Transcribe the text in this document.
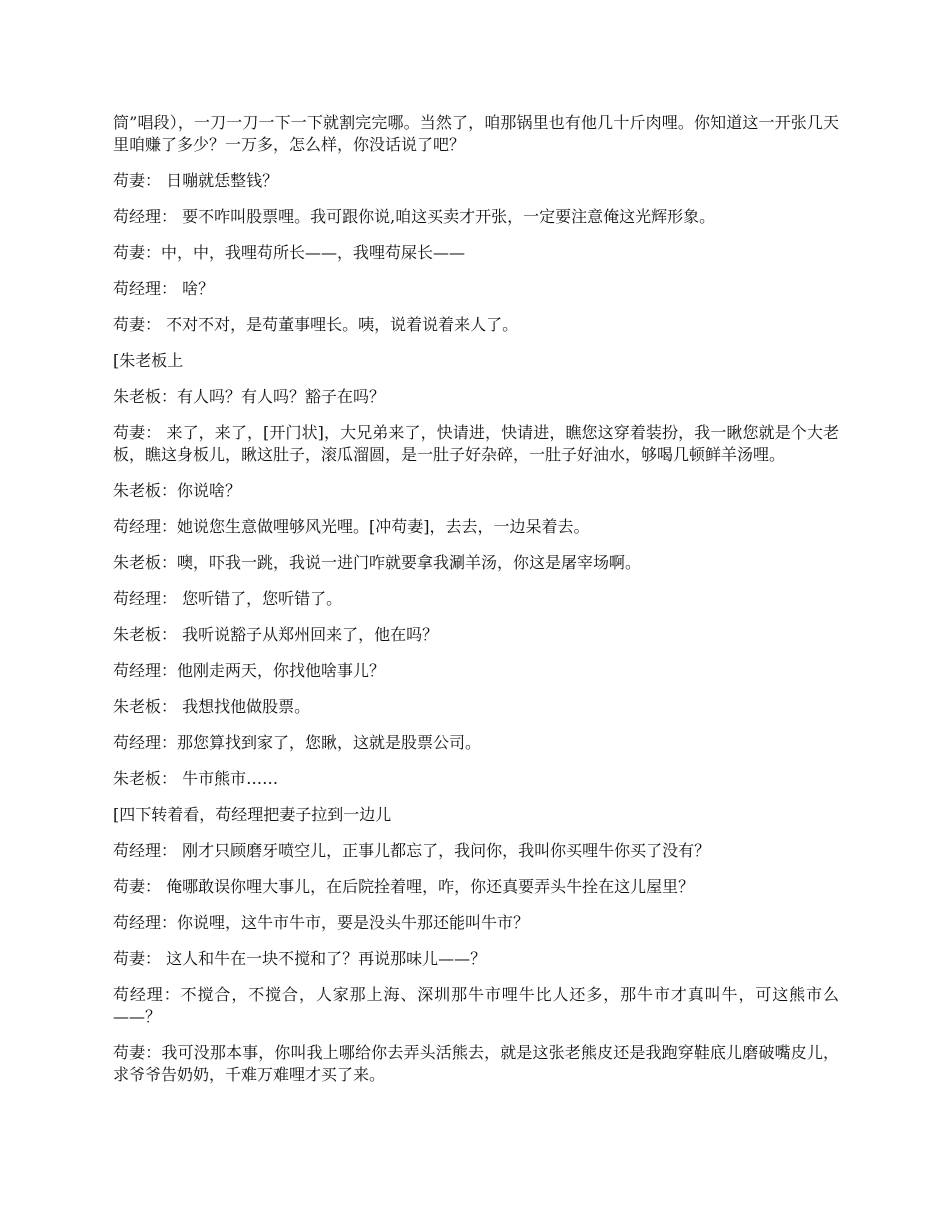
筒”唱段），一刀一刀一下一下就割完完哪。当然了，咱那锅里也有他几十斤肉哩。你知道这一开张几天里咱赚了多少？一万多，怎么样，你没话说了吧？

苟妻： 日嘣就恁整钱？

苟经理： 要不咋叫股票哩。我可跟你说,咱这买卖才开张，一定要注意俺这光辉形象。

苟妻：中，中，我哩苟所长——，我哩苟屎长——

苟经理： 啥？

苟妻： 不对不对，是苟董事哩长。咦，说着说着来人了。

[朱老板上

朱老板：有人吗？有人吗？豁子在吗？

苟妻： 来了，来了，[开门状]，大兄弟来了，快请进，快请进，瞧您这穿着装扮，我一瞅您就是个大老板，瞧这身板儿，瞅这肚子，滚瓜溜圆，是一肚子好杂碎，一肚子好油水，够喝几顿鲜羊汤哩。

朱老板：你说啥？

苟经理：她说您生意做哩够风光哩。[冲苟妻]，去去，一边呆着去。

朱老板：噢，吓我一跳，我说一进门咋就要拿我涮羊汤，你这是屠宰场啊。

苟经理： 您听错了，您听错了。

朱老板： 我听说豁子从郑州回来了，他在吗？

苟经理：他刚走两天，你找他啥事儿？

朱老板： 我想找他做股票。

苟经理：那您算找到家了，您瞅，这就是股票公司。

朱老板： 牛市熊市……

[四下转着看，苟经理把妻子拉到一边儿

苟经理： 刚才只顾磨牙喷空儿，正事儿都忘了，我问你，我叫你买哩牛你买了没有？

苟妻： 俺哪敢误你哩大事儿，在后院拴着哩，咋，你还真要弄头牛拴在这儿屋里？

苟经理：你说哩，这牛市牛市，要是没头牛那还能叫牛市？

苟妻： 这人和牛在一块不搅和了？再说那味儿——？

苟经理：不搅合，不搅合，人家那上海、深圳那牛市哩牛比人还多，那牛市才真叫牛，可这熊市么——？

苟妻：我可没那本事，你叫我上哪给你去弄头活熊去，就是这张老熊皮还是我跑穿鞋底儿磨破嘴皮儿，求爷爷告奶奶，千难万难哩才买了来。
